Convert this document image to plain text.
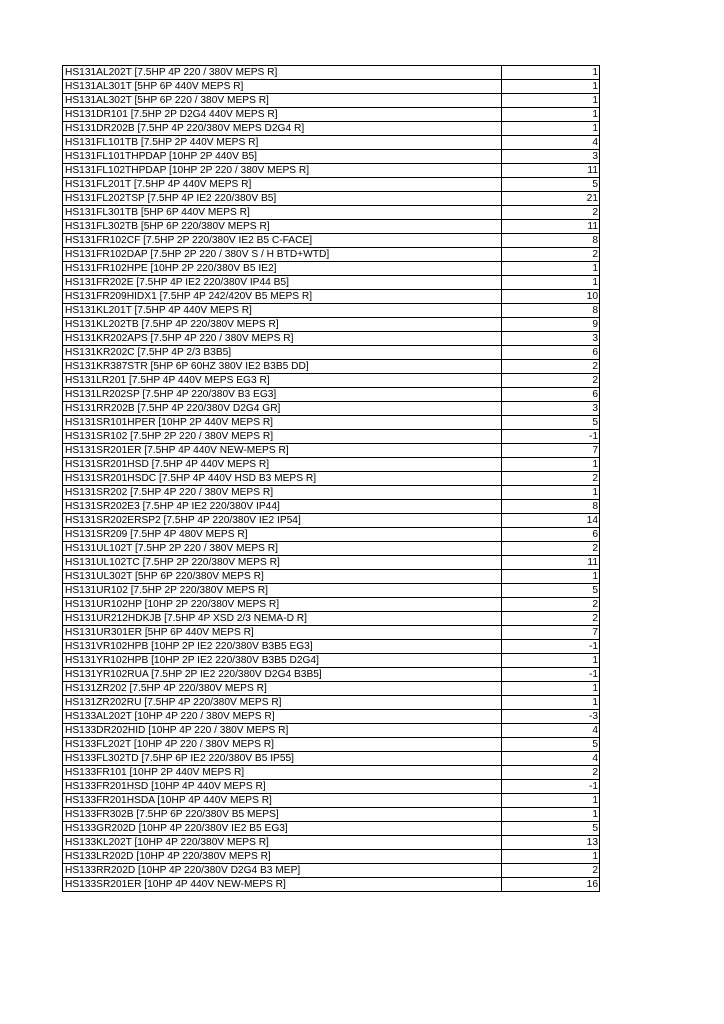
HS131AL202T [7.5HP 4P 220 / 380V MEPS R]	1
HS131AL301T [5HP 6P 440V MEPS R]	1
HS131AL302T [5HP 6P 220 / 380V MEPS R]	1
HS131DR101 [7.5HP 2P D2G4 440V MEPS R]	1
HS131DR202B [7.5HP 4P 220/380V MEPS D2G4 R]	1
HS131FL101TB [7.5HP 2P 440V MEPS R]	4
HS131FL101THPDAP [10HP 2P 440V B5]	3
HS131FL102THPDAP [10HP 2P 220 / 380V MEPS R]	11
HS131FL201T [7.5HP 4P 440V MEPS R]	5
HS131FL202TSP [7.5HP 4P IE2 220/380V B5]	21
HS131FL301TB [5HP 6P 440V MEPS R]	2
HS131FL302TB [5HP 6P 220/380V MEPS R]	11
HS131FR102CF [7.5HP 2P 220/380V IE2 B5 C-FACE]	8
HS131FR102DAP [7.5HP 2P 220 / 380V S / H BTD+WTD]	2
HS131FR102HPE [10HP 2P 220/380V B5 IE2]	1
HS131FR202E [7.5HP 4P IE2 220/380V IP44 B5]	1
HS131FR209HIDX1 [7.5HP 4P 242/420V B5 MEPS R]	10
HS131KL201T [7.5HP 4P 440V MEPS R]	8
HS131KL202TB [7.5HP 4P 220/380V MEPS R]	9
HS131KR202APS [7.5HP 4P 220 / 380V MEPS R]	3
HS131KR202C [7.5HP 4P 2/3 B3B5]	6
HS131KR387STR [5HP 6P 60HZ 380V IE2 B3B5 DD]	2
HS131LR201 [7.5HP 4P 440V MEPS EG3 R]	2
HS131LR202SP [7.5HP 4P 220/380V B3 EG3]	6
HS131RR202B [7.5HP 4P 220/380V D2G4 GR]	3
HS131SR101HPER [10HP 2P 440V MEPS R]	5
HS131SR102 [7.5HP 2P 220 / 380V MEPS R]	-1
HS131SR201ER [7.5HP 4P 440V NEW-MEPS R]	7
HS131SR201HSD [7.5HP 4P 440V MEPS R]	1
HS131SR201HSDC [7.5HP 4P 440V HSD B3 MEPS R]	2
HS131SR202 [7.5HP 4P 220 / 380V MEPS R]	1
HS131SR202E3 [7.5HP 4P IE2 220/380V IP44]	8
HS131SR202ERSP2 [7.5HP 4P 220/380V IE2 IP54]	14
HS131SR209 [7.5HP 4P 480V MEPS R]	6
HS131UL102T [7.5HP 2P 220 / 380V MEPS R]	2
HS131UL102TC [7.5HP 2P 220/380V MEPS R]	11
HS131UL302T [5HP 6P 220/380V MEPS R]	1
HS131UR102 [7.5HP 2P 220/380V MEPS R]	5
HS131UR102HP [10HP 2P 220/380V MEPS R]	2
HS131UR212HDKJB [7.5HP 4P XSD 2/3 NEMA-D R]	2
HS131UR301ER [5HP 6P 440V MEPS R]	7
HS131VR102HPB [10HP 2P IE2 220/380V B3B5 EG3]	-1
HS131YR102HPB [10HP 2P IE2 220/380V B3B5 D2G4]	1
HS131YR102RUA [7.5HP 2P IE2 220/380V D2G4 B3B5]	-1
HS131ZR202 [7.5HP 4P 220/380V MEPS R]	1
HS131ZR202RU [7.5HP 4P 220/380V MEPS R]	1
HS133AL202T [10HP 4P 220 / 380V MEPS R]	-3
HS133DR202HID [10HP 4P 220 / 380V MEPS R]	4
HS133FL202T [10HP 4P 220 / 380V MEPS R]	5
HS133FL302TD [7.5HP 6P IE2 220/380V B5 IP55]	4
HS133FR101 [10HP 2P 440V MEPS R]	2
HS133FR201HSD [10HP 4P 440V MEPS R]	-1
HS133FR201HSDA [10HP 4P 440V MEPS R]	1
HS133FR302B [7.5HP 6P 220/380V B5 MEPS]	1
HS133GR202D [10HP 4P 220/380V IE2 B5 EG3]	5
HS133KL202T [10HP 4P 220/380V MEPS R]	13
HS133LR202D [10HP 4P 220/380V MEPS R]	1
HS133RR202D [10HP 4P 220/380V D2G4 B3 MEP]	2
HS133SR201ER [10HP 4P 440V NEW-MEPS R]	16
